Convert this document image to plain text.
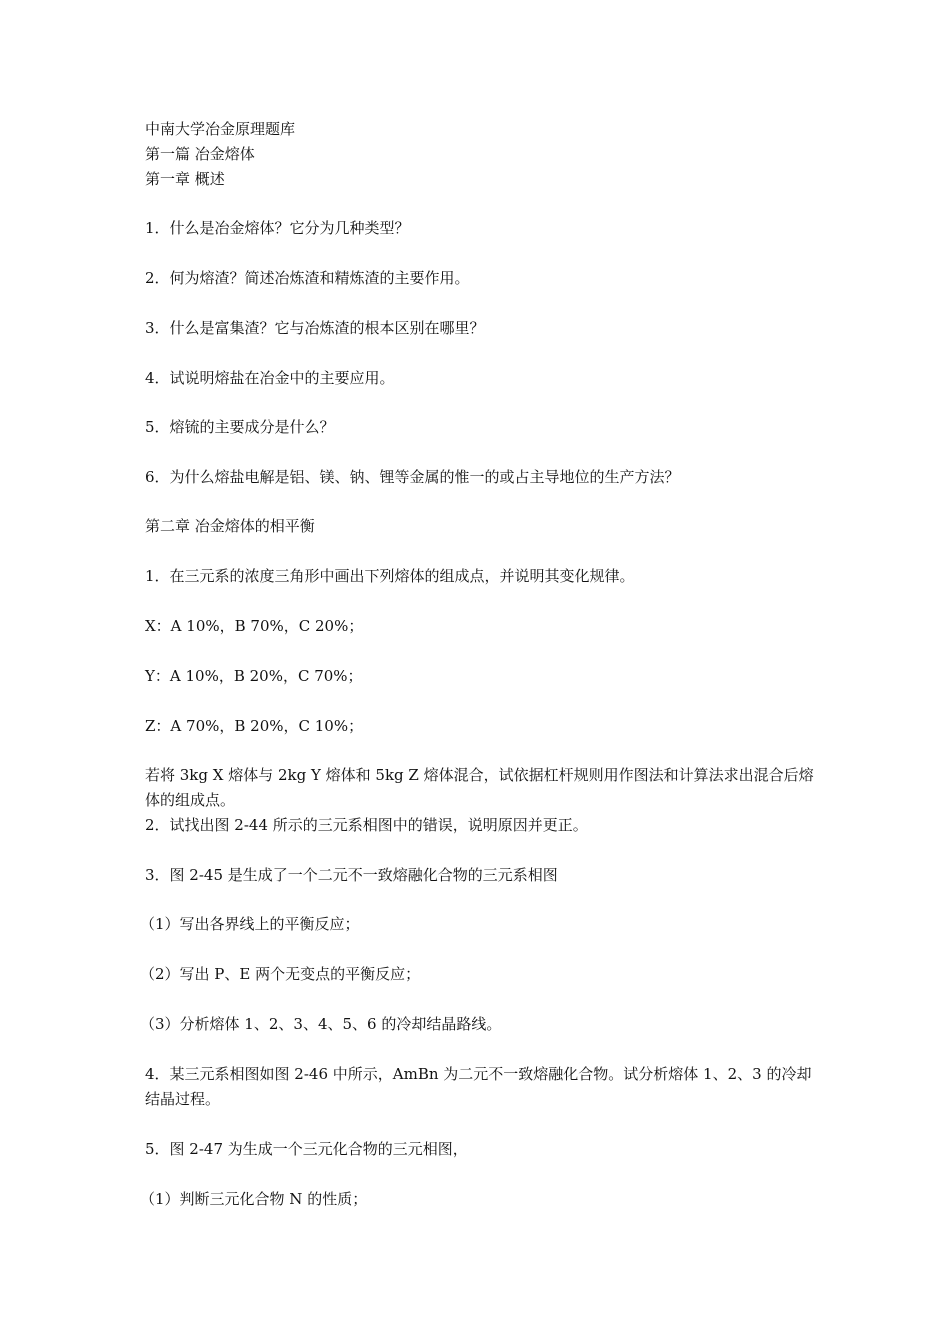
中南大学冶金原理题库
第一篇 冶金熔体
第一章 概述
1．什么是冶金熔体？它分为几种类型？
2．何为熔渣？简述冶炼渣和精炼渣的主要作用。
3．什么是富集渣？它与冶炼渣的根本区别在哪里？
4．试说明熔盐在冶金中的主要应用。
5．熔锍的主要成分是什么？
6．为什么熔盐电解是铝、镁、钠、锂等金属的惟一的或占主导地位的生产方法？
第二章 冶金熔体的相平衡
1．在三元系的浓度三角形中画出下列熔体的组成点，并说明其变化规律。
X：A 10%，B 70%，C 20%；
Y：A 10%，B 20%，C 70%；
Z：A 70%，B 20%，C 10%；
若将 3kg X 熔体与 2kg Y 熔体和 5kg Z 熔体混合，试依据杠杆规则用作图法和计算法求出混合后熔体的组成点。
2．试找出图 2-44 所示的三元系相图中的错误，说明原因并更正。
3．图 2-45 是生成了一个二元不一致熔融化合物的三元系相图
（1）写出各界线上的平衡反应；
（2）写出 P、E 两个无变点的平衡反应；
（3）分析熔体 1、2、3、4、5、6 的冷却结晶路线。
4．某三元系相图如图 2-46 中所示，AmBn 为二元不一致熔融化合物。试分析熔体 1、2、3 的冷却结晶过程。
5．图 2-47 为生成一个三元化合物的三元相图，
（1）判断三元化合物 N 的性质；
